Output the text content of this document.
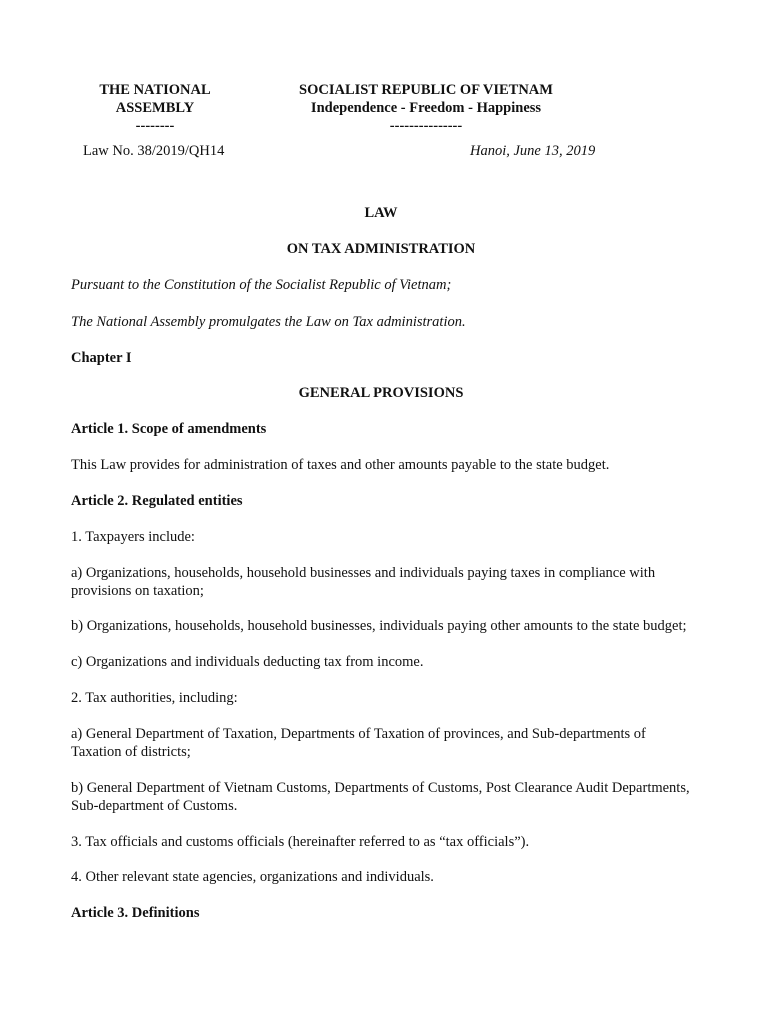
THE NATIONAL
ASSEMBLY
--------
SOCIALIST REPUBLIC OF VIETNAM
Independence - Freedom - Happiness
---------------
Law No. 38/2019/QH14	Hanoi, June 13, 2019

LAW

ON TAX ADMINISTRATION

Pursuant to the Constitution of the Socialist Republic of Vietnam;

The National Assembly promulgates the Law on Tax administration.

Chapter I

GENERAL PROVISIONS

Article 1. Scope of amendments

This Law provides for administration of taxes and other amounts payable to the state budget.

Article 2. Regulated entities

1. Taxpayers include:

a) Organizations, households, household businesses and individuals paying taxes in compliance with provisions on taxation;

b) Organizations, households, household businesses, individuals paying other amounts to the state budget;

c) Organizations and individuals deducting tax from income.

2. Tax authorities, including:

a) General Department of Taxation, Departments of Taxation of provinces, and Sub-departments of Taxation of districts;

b) General Department of Vietnam Customs, Departments of Customs, Post Clearance Audit Departments, Sub-department of Customs.

3. Tax officials and customs officials (hereinafter referred to as “tax officials”).

4. Other relevant state agencies, organizations and individuals.

Article 3. Definitions
